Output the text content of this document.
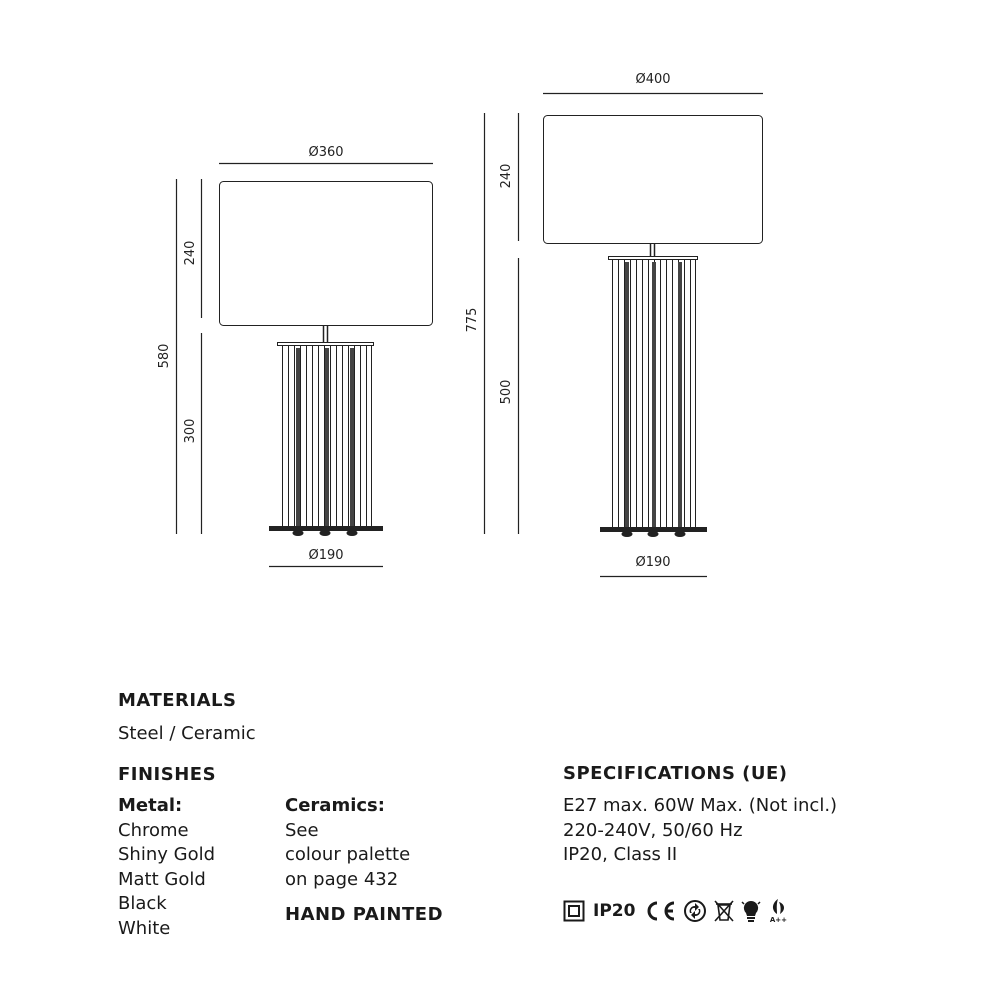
Ø360
580
240
300
Ø190
Ø400
775
240
500
Ø190
MATERIALS
Steel / Ceramic
FINISHES
Metal:
Chrome
Shiny Gold
Matt Gold
Black
White
Ceramics:
See
colour palette
on page 432
HAND PAINTED
SPECIFICATIONS (UE)
E27 max. 60W Max. (Not incl.)
220-240V, 50/60 Hz
IP20, Class II
IP20	A++
